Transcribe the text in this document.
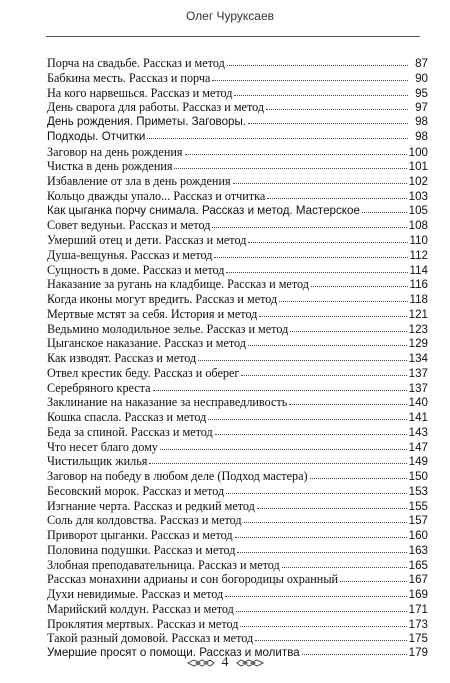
Олег Чуруксаев
Порча на свадьбе. Рассказ и метод	87
Бабкина месть. Рассказ и порча	90
На кого нарвешься. Рассказ и метод	95
День сварога для работы. Рассказ и метод	97
День рождения. Приметы. Заговоры.	98
Подходы. Отчитки	98
Заговор на день рождения	100
Чистка в день рождения	101
Избавление от зла в день рождения	102
Кольцо дважды упало... Рассказ и отчитка	103
Как цыганка порчу снимала. Рассказ и метод. Мастерское	105
Совет ведуньи. Рассказ и метод	108
Умерший отец и дети. Рассказ и метод	110
Душа-вещунья. Рассказ и метод	112
Сущность в доме. Рассказ и метод	114
Наказание за ругань на кладбище. Рассказ и метод	116
Когда иконы могут вредить. Рассказ и метод	118
Мертвые мстят за себя. История и метод	121
Ведьмино молодильное зелье. Рассказ и метод	123
Цыганское наказание. Рассказ и метод	129
Как изводят. Рассказ и метод	134
Отвел крестик беду. Рассказ и оберег	137
Серебряного креста	137
Заклинание на наказание за несправедливость	140
Кошка спасла. Рассказ и метод	141
Беда за спиной. Рассказ и метод	143
Что несет благо дому	147
Чистильщик жилья	149
Заговор на победу в любом деле (Подход мастера)	150
Бесовский морок. Рассказ и метод	153
Изгнание черта. Рассказ и редкий метод	155
Соль для колдовства. Рассказ и метод	157
Приворот цыганки. Рассказ и метод	160
Половина подушки. Рассказ и метод	163
Злобная преподавательница. Рассказ и метод	165
Рассказ монахини адрианы и сон богородицы охранный	167
Духи невидимые. Рассказ и метод	169
Марийский колдун. Рассказ и метод	171
Проклятия мертвых. Рассказ и метод	173
Такой разный домовой. Рассказ и метод	175
Умершие просят о помощи. Рассказ и молитва	179
4
